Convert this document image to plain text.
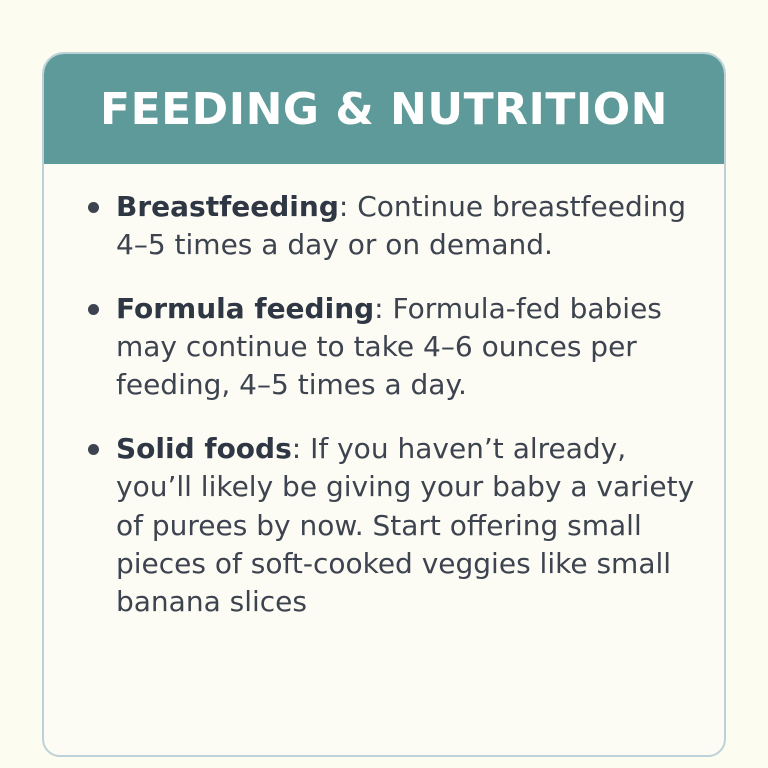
FEEDING & NUTRITION
Breastfeeding: Continue breastfeeding 4–5 times a day or on demand.
Formula feeding: Formula-fed babies may continue to take 4–6 ounces per feeding, 4–5 times a day.
Solid foods: If you haven’t already, you’ll likely be giving your baby a variety of purees by now. Start offering small pieces of soft-cooked veggies like small banana slices
